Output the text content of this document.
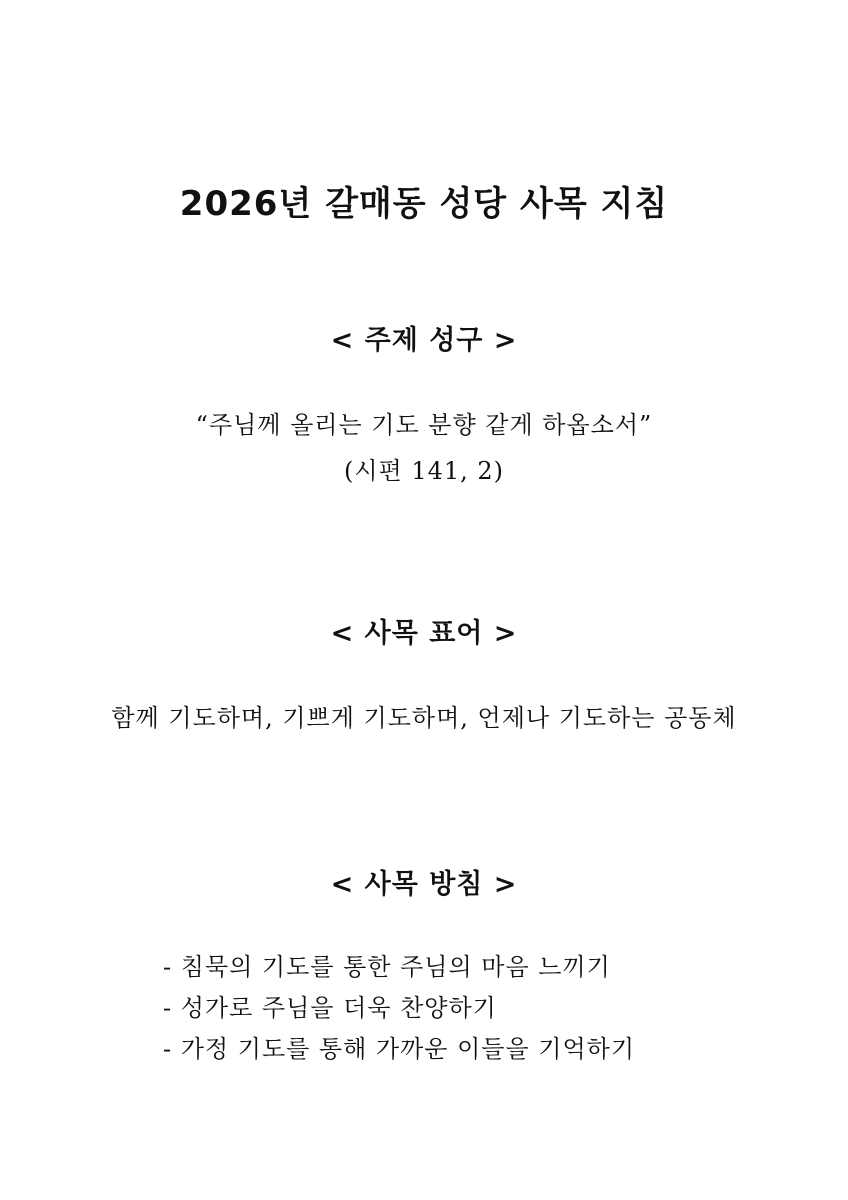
2026년 갈매동 성당 사목 지침
< 주제 성구 >
“주님께 올리는 기도 분향 같게 하옵소서”
(시편 141, 2)
< 사목 표어 >
함께 기도하며, 기쁘게 기도하며, 언제나 기도하는 공동체
< 사목 방침 >
- 침묵의 기도를 통한 주님의 마음 느끼기
- 성가로 주님을 더욱 찬양하기
- 가정 기도를 통해 가까운 이들을 기억하기
